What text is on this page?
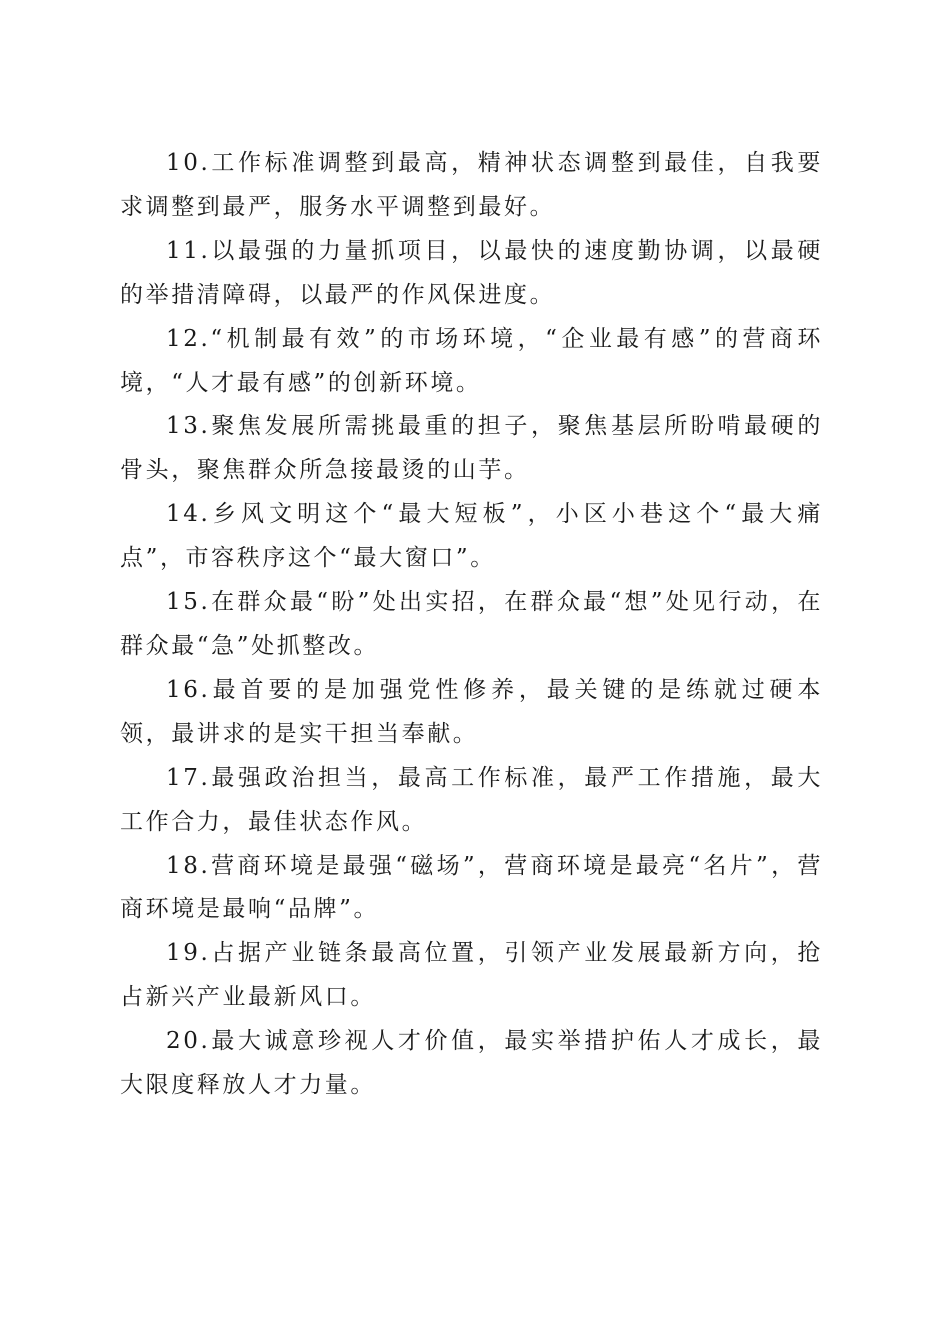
10.工作标准调整到最高，精神状态调整到最佳，自我要求调整到最严，服务水平调整到最好。

11.以最强的力量抓项目，以最快的速度勤协调，以最硬的举措清障碍，以最严的作风保进度。

12.“机制最有效”的市场环境，“企业最有感”的营商环境，“人才最有感”的创新环境。

13.聚焦发展所需挑最重的担子，聚焦基层所盼啃最硬的骨头，聚焦群众所急接最烫的山芋。

14.乡风文明这个“最大短板”，小区小巷这个“最大痛点”，市容秩序这个“最大窗口”。

15.在群众最“盼”处出实招，在群众最“想”处见行动，在群众最“急”处抓整改。

16.最首要的是加强党性修养，最关键的是练就过硬本领，最讲求的是实干担当奉献。

17.最强政治担当，最高工作标准，最严工作措施，最大工作合力，最佳状态作风。

18.营商环境是最强“磁场”，营商环境是最亮“名片”，营商环境是最响“品牌”。

19.占据产业链条最高位置，引领产业发展最新方向，抢占新兴产业最新风口。

20.最大诚意珍视人才价值，最实举措护佑人才成长，最大限度释放人才力量。
